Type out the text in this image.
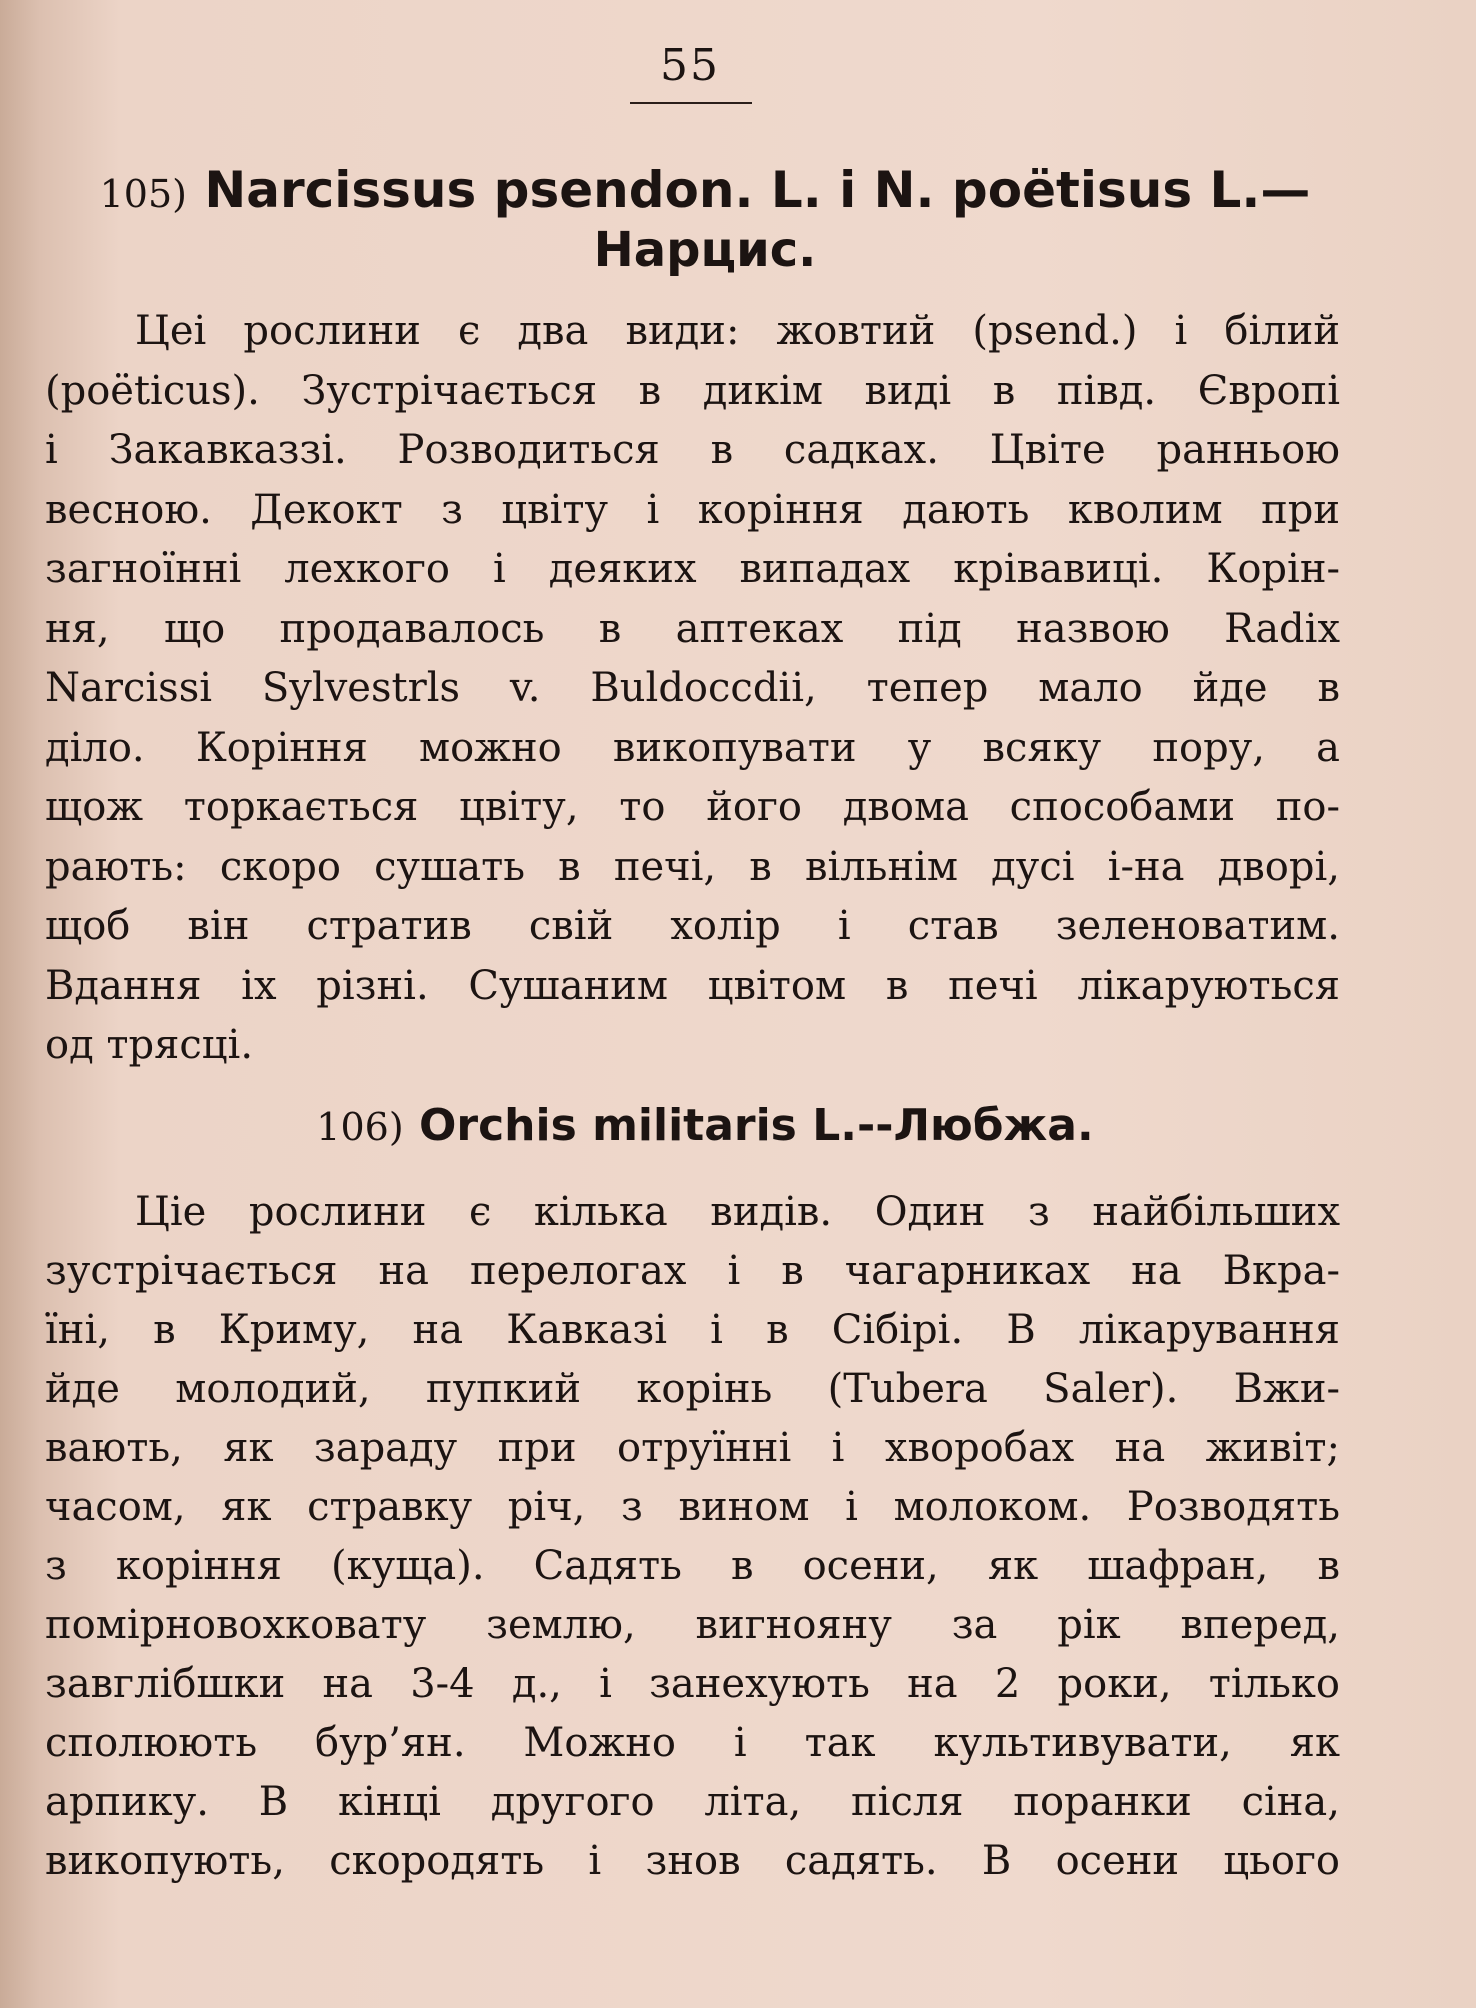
55
105) Narcissus psendon. L. i N. poëtisus L.—
Нарцис.
Цеі рослини є два види: жовтий (psend.) і білий
(poëticus). Зустрічається в дикім виді в півд. Європі
і Закавказзі. Розводиться в садках. Цвіте ранньою
весною. Декокт з цвіту і коріння дають кволим при
загноїнні лехкого і деяких випадах крівавиці. Корін-
ня, що продавалось в аптеках під назвою Radix
Narcissi Sylvestrls v. Buldocсdii, тепер мало йде в
діло. Коріння можно викопувати у всяку пору, а
щож торкається цвіту, то його двома способами по-
рають: скоро сушать в печі, в вільнім дусі і-на дворі,
щоб він стратив свій холір і став зеленоватим.
Вдання іх різні. Сушаним цвітом в печі лікаруються
од трясці.
106) Orchis militaris L.--Любжа.
Ціе рослини є кілька видів. Один з найбільших
зустрічається на перелогах і в чагарниках на Вкра-
їні, в Криму, на Кавказі і в Сібірі. В лікарування
йде молодий, пупкий корінь (Tubera Saler). Вжи-
вають, як зараду при отруїнні і хворобах на живіт;
часом, як стравку річ, з вином і молоком. Розводять
з коріння (куща). Садять в осени, як шафран, в
помірновохковату землю, вигнояну за рік вперед,
завглібшки на 3-4 д., і занехують на 2 роки, тілько
сполюють бур’ян. Можно і так культивувати, як
арпику. В кінці другого літа, після поранки сіна,
викопують, скородять і знов садять. В осени цього
